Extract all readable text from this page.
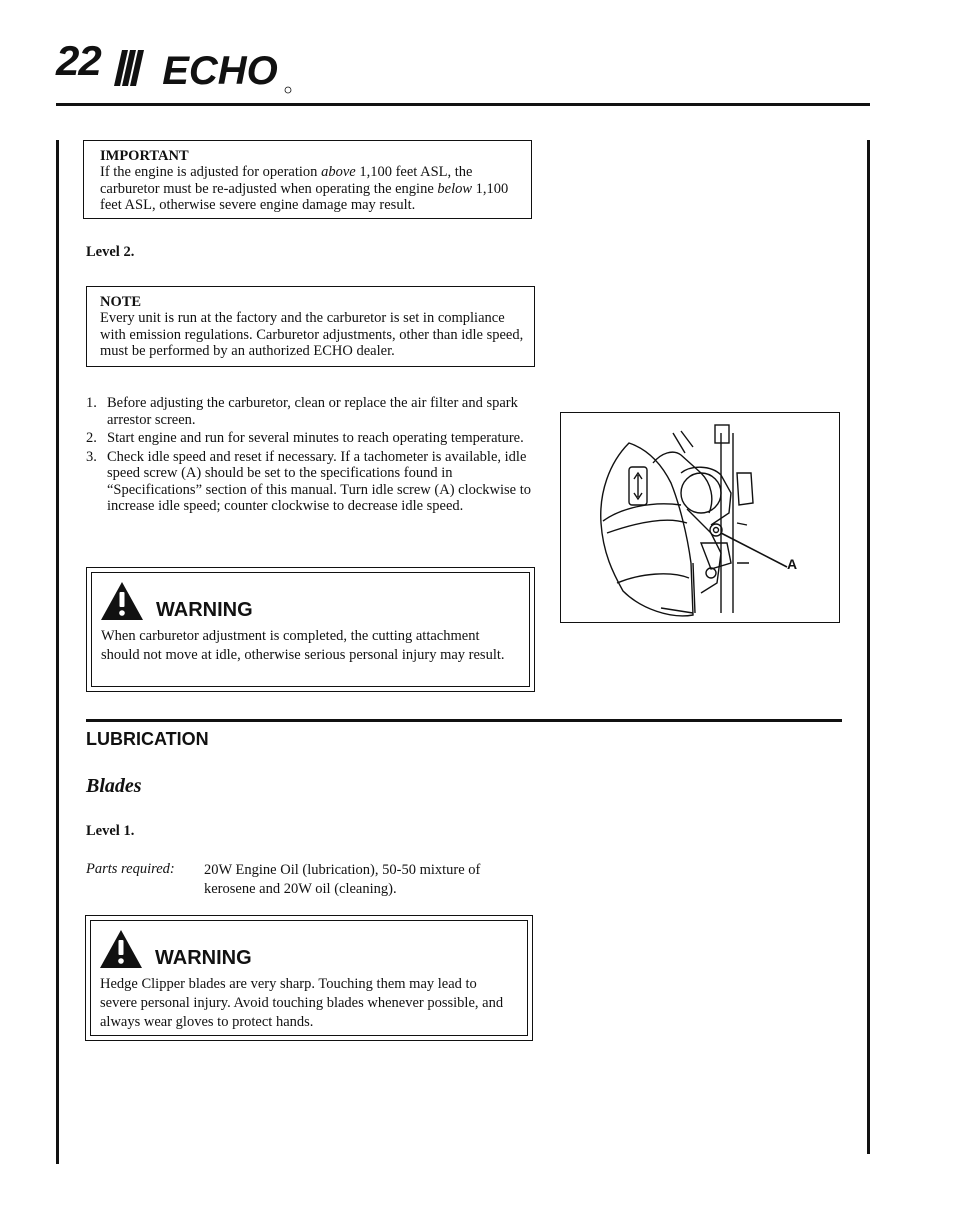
22 ECHO
IMPORTANT
If the engine is adjusted for operation above 1,100 feet ASL, the carburetor must be re-adjusted when operating the engine below 1,100 feet ASL, otherwise severe engine damage may result.
Level 2.
NOTE
Every unit is run at the factory and the carburetor is set in compliance with emission regulations. Carburetor adjustments, other than idle speed, must be performed by an authorized ECHO dealer.
1. Before adjusting the carburetor, clean or replace the air filter and spark arrestor screen.
2. Start engine and run for several minutes to reach operating temperature.
3. Check idle speed and reset if necessary. If a tachometer is available, idle speed screw (A) should be set to the specifications found in “Specifications” section of this manual. Turn idle screw (A) clockwise to increase idle speed; counter clockwise to decrease idle speed.
WARNING
When carburetor adjustment is completed, the cutting attachment should not move at idle, otherwise serious personal injury may result.
A
LUBRICATION
Blades
Level 1.
Parts required: 20W Engine Oil (lubrication), 50-50 mixture of kerosene and 20W oil (cleaning).
WARNING
Hedge Clipper blades are very sharp. Touching them may lead to severe personal injury. Avoid touching blades whenever possible, and always wear gloves to protect hands.
